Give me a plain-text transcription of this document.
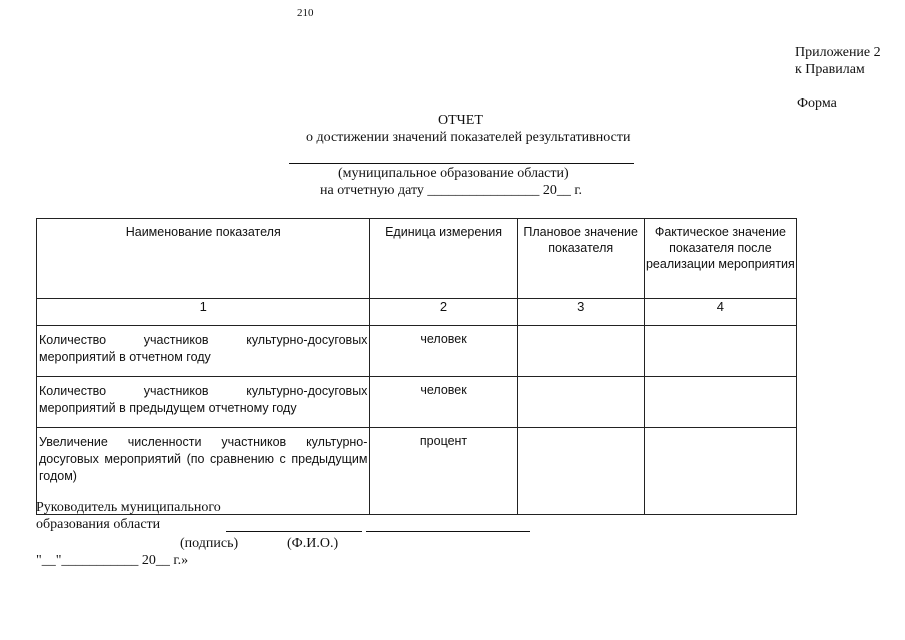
210
Приложение 2
к Правилам
Форма
ОТЧЕТ
о достижении значений показателей результативности
(муниципальное образование области)
на отчетную дату ________________ 20__ г.
Наименование показателя	Единица измерения	Плановое значение показателя	Фактическое значение показателя после реализации мероприятия

1	2	3	4
Количество участников культурно-досуговых мероприятий в отчетном году	человек		
Количество участников культурно-досуговых мероприятий в предыдущем отчетному году	человек		
Увеличение численности участников культурно-досуговых мероприятий (по сравнению с предыдущим годом)	процент		
Руководитель муниципального
образования области
(подпись)	(Ф.И.О.)
"__"___________ 20__ г.»
